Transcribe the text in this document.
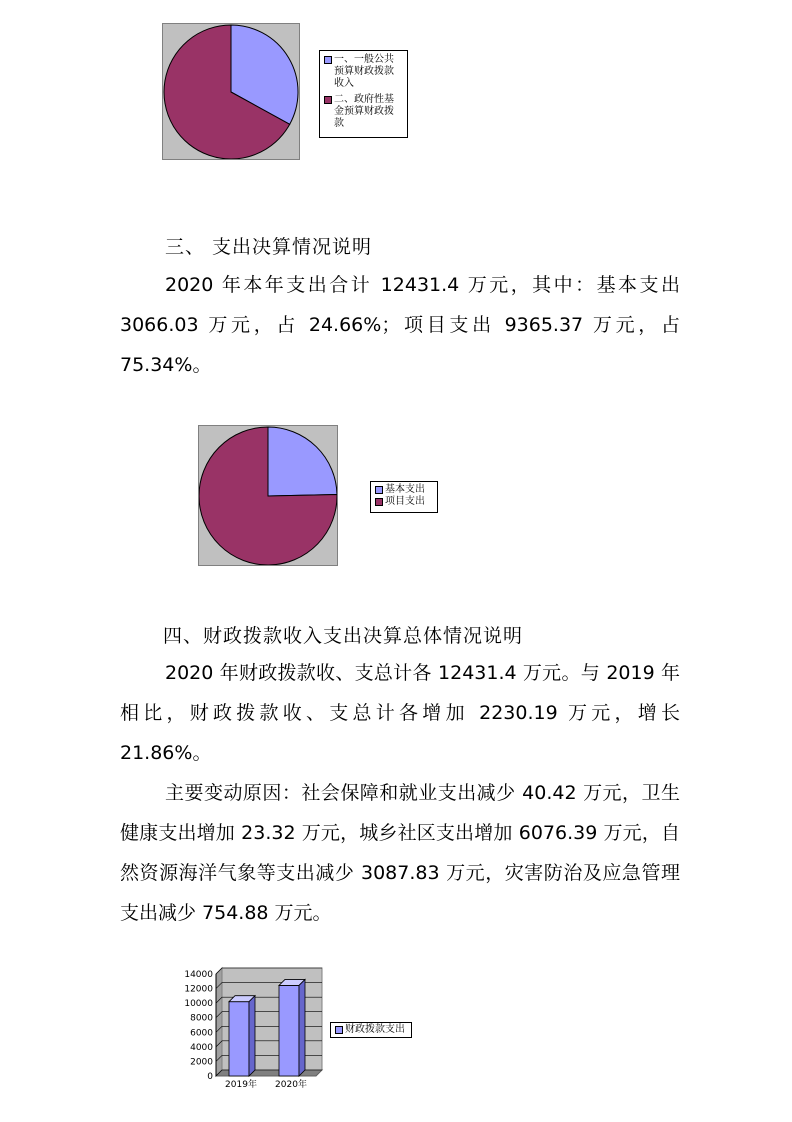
一、一般公共
预算财政拨款
收入
二、政府性基
金预算财政拨
款
三、 支出决算情况说明

2020 年本年支出合计 12431.4 万元，其中：基本支出 3066.03 万元，占 24.66%；项目支出 9365.37 万元，占 75.34%。

基本支出
项目支出
四、财政拨款收入支出决算总体情况说明

2020 年财政拨款收、支总计各 12431.4 万元。与 2019 年相比，财政拨款收、支总计各增加 2230.19 万元，增长 21.86%。

主要变动原因：社会保障和就业支出减少 40.42 万元，卫生健康支出增加 23.32 万元，城乡社区支出增加 6076.39 万元，自然资源海洋气象等支出减少 3087.83 万元，灾害防治及应急管理支出减少 754.88 万元。

14000
12000
10000
8000
6000
4000
2000
0
2019年 2020年
财政拨款支出
